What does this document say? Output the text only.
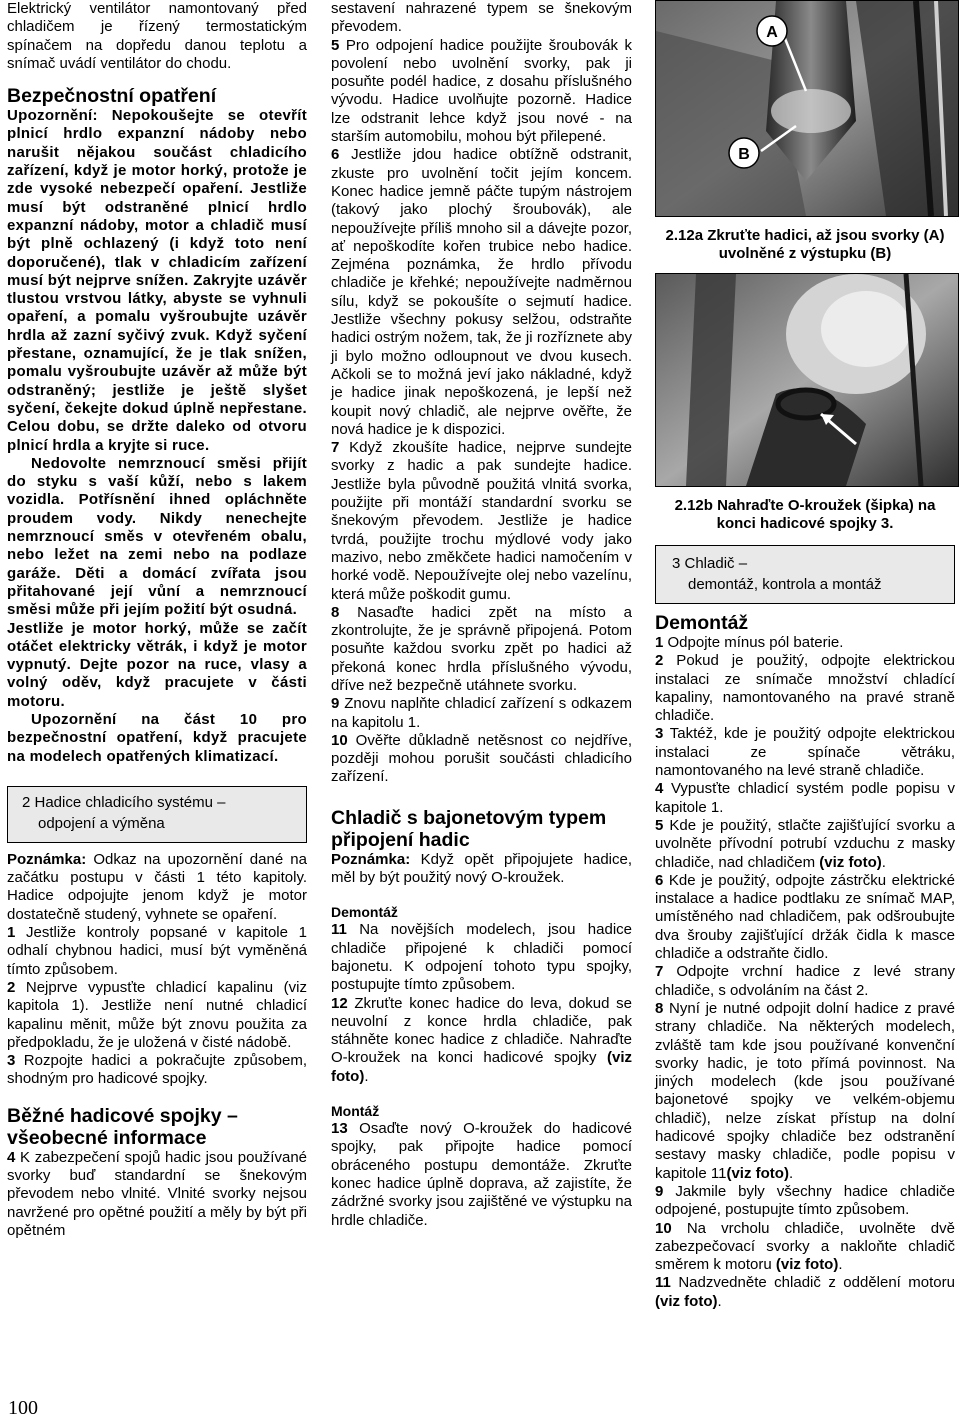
Elektrický ventilátor namontovaný před chladičem je řízený termostatickým spínačem na dopředu danou teplotu a snímač uvádí ventilátor do chodu.

Bezpečnostní opatření

Upozornění: Nepokoušejte se otevřít plnicí hrdlo expanzní nádoby nebo narušit nějakou součást chladicího zařízení, když je motor horký, protože je zde vysoké nebezpečí opaření. Jestliže musí být odstraněné plnicí hrdlo expanzní nádoby, motor a chladič musí být plně ochlazený (i když toto není doporučené), tlak v chladicím zařízení musí být nejprve snížen. Zakryjte uzávěr tlustou vrstvou látky, abyste se vyhnuli opaření, a pomalu vyšroubujte uzávěr hrdla až zazní syčivý zvuk. Když syčení přestane, oznamující, že je tlak snížen, pomalu vyšroubujte uzávěr až může být odstraněný; jestliže je ještě slyšet syčení, čekejte dokud úplně nepřestane. Celou dobu, se držte daleko od otvoru plnicí hrdla a kryjte si ruce.

Nedovolte nemrznoucí směsi přijít do styku s vaší kůží, nebo s lakem vozidla. Potřísnění ihned opláchněte proudem vody. Nikdy nenechejte nemrznoucí směs v otevřeném obalu, nebo ležet na zemi nebo na podlaze garáže. Děti a domácí zvířata jsou přitahované její vůní a nemrznoucí směsi může při jejím požití být osudná.

Jestliže je motor horký, může se začít otáčet elektricky větrák, i když je motor vypnutý. Dejte pozor na ruce, vlasy a volný oděv, když pracujete v části motoru.

Upozornění na část 10 pro bezpečnostní opatření, když pracujete na modelech opatřených klimatizací.

2 Hadice chladicího systému –
odpojení a výměna

Poznámka: Odkaz na upozornění dané na začátku postupu v části 1 této kapitoly. Hadice odpojujte jenom když je motor dostatečně studený, vyhnete se opaření.

1 Jestliže kontroly popsané v kapitole 1 odhalí chybnou hadici, musí být vyměněná tímto způsobem.

2 Nejprve vypusťte chladicí kapalinu (viz kapitola 1). Jestliže není nutné chladicí kapalinu měnit, může být znovu použita za předpokladu, že je uložená v čisté nádobě.

3 Rozpojte hadici a pokračujte způsobem, shodným pro hadicové spojky.

Běžné hadicové spojky –
všeobecné informace

4 K zabezpečení spojů hadic jsou používané svorky buď standardní se šnekovým převodem nebo vlnité. Vlnité svorky nejsou navržené pro opětné použití a měly by být při opětném

sestavení nahrazené typem se šnekovým převodem.

5 Pro odpojení hadice použijte šroubovák k povolení nebo uvolnění svorky, pak ji posuňte podél hadice, z dosahu příslušného vývodu. Hadice uvolňujte pozorně. Hadice lze odstranit lehce když jsou nové - na starším automobilu, mohou být přilepené.

6 Jestliže jdou hadice obtížně odstranit, zkuste pro uvolnění točit jejím koncem. Konec hadice jemně páčte tupým nástrojem (takový jako plochý šroubovák), ale nepoužívejte příliš mnoho sil a dávejte pozor, ať nepoškodíte kořen trubice nebo hadice. Zejména poznámka, že hrdlo přívodu chladiče je křehké; nepoužívejte nadměrnou sílu, když se pokoušíte o sejmutí hadice. Jestliže všechny pokusy selžou, odstraňte hadici ostrým nožem, tak, že ji rozříznete aby ji bylo možno odloupnout ve dvou kusech. Ačkoli se to možná jeví jako nákladné, když je hadice jinak nepoškozená, je lepší než koupit nový chladič, ale nejprve ověřte, že nová hadice je k dispozici.

7 Když zkoušíte hadice, nejprve sundejte svorky z hadic a pak sundejte hadice. Jestliže byla původně použitá vlnitá svorka, použijte při montáží standardní svorku se šnekovým převodem. Jestliže je hadice tvrdá, použijte trochu mýdlové vody jako mazivo, nebo změkčete hadici namočením v horké vodě. Nepoužívejte olej nebo vazelínu, která může poškodit gumu.

8 Nasaďte hadici zpět na místo a zkontrolujte, že je správně připojená. Potom posuňte každou svorku zpět po hadici až překoná konec hrdla příslušného vývodu, dříve než bezpečně utáhnete svorku.

9 Znovu naplňte chladicí zařízení s odkazem na kapitolu 1.

10 Ověřte důkladně netěsnost co nejdříve, později mohou porušit součásti chladicího zařízení.

Chladič s bajonetovým typem připojení hadic

Poznámka: Když opět připojujete hadice, měl by být použitý nový O-kroužek.

Demontáž

11 Na novějších modelech, jsou hadice chladiče připojené k chladiči pomocí bajonetu. K odpojení tohoto typu spojky, postupujte tímto způsobem.

12 Zkruťte konec hadice do leva, dokud se neuvolní z konce hrdla chladiče, pak stáhněte konec hadice z chladiče. Nahraďte O-kroužek na konci hadicové spojky (viz foto).

Montáž

13 Osaďte nový O-kroužek do hadicové spojky, pak připojte hadice pomocí obráceného postupu demontáže. Zkruťte konec hadice úplně doprava, až zajistíte, že zádržné svorky jsou zajištěné ve výstupku na hrdle chladiče.

A
B
2.12a Zkruťte hadici, až jsou svorky (A) uvolněné z výstupku (B)
2.12b Nahraďte O-kroužek (šipka) na konci hadicové spojky 3.
3 Chladič –
demontáž, kontrola a montáž
Demontáž

1 Odpojte mínus pól baterie.

2 Pokud je použitý, odpojte elektrickou instalaci ze snímače množství chladící kapaliny, namontovaného na pravé straně chladiče.

3 Taktéž, kde je použitý odpojte elektrickou instalaci ze spínače větráku, namontovaného na levé straně chladiče.

4 Vypusťte chladicí systém podle popisu v kapitole 1.

5 Kde je použitý, stlačte zajišťující svorku a uvolněte přívodní potrubí vzduchu z masky chladiče, nad chladičem (viz foto).

6 Kde je použitý, odpojte zástrčku elektrické instalace a hadice podtlaku ze snímač MAP, umístěného nad chladičem, pak odšroubujte dva šrouby zajišťující držák čidla k masce chladiče a odstraňte čidlo.

7 Odpojte vrchní hadice z levé strany chladiče, s odvoláním na část 2.

8 Nyní je nutné odpojit dolní hadice z pravé strany chladiče. Na některých modelech, zvláště tam kde jsou používané konvenční svorky hadic, je toto přímá povinnost. Na jiných modelech (kde jsou používané bajonetové spojky ve velkém-objemu chladič), nelze získat přístup na dolní hadicové spojky chladiče bez odstranění sestavy masky chladiče, podle popisu v kapitole 11(viz foto).

9 Jakmile byly všechny hadice chladiče odpojené, postupujte tímto způsobem.

10 Na vrcholu chladiče, uvolněte dvě zabezpečovací svorky a nakloňte chladič směrem k motoru (viz foto).

11 Nadzvedněte chladič z oddělení motoru (viz foto).

100
